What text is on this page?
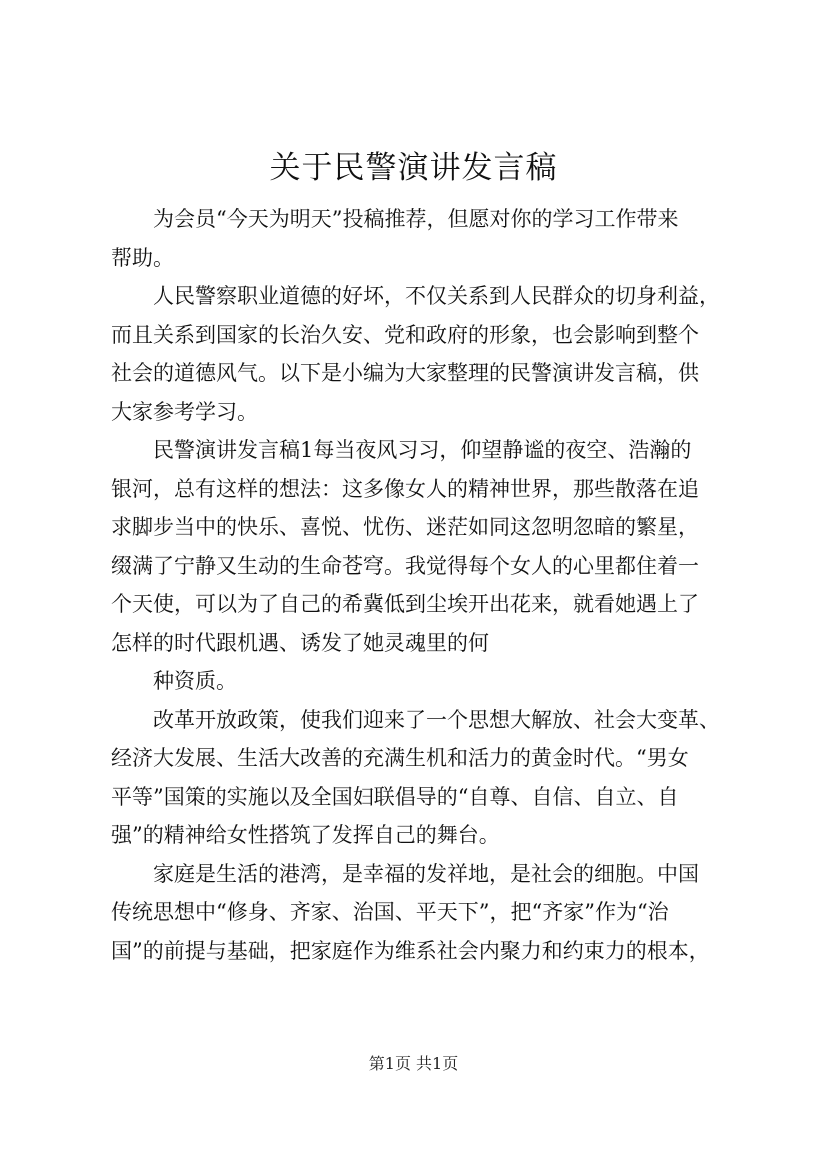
关于民警演讲发言稿
为会员“今天为明天”投稿推荐，但愿对你的学习工作带来
帮助。
人民警察职业道德的好坏，不仅关系到人民群众的切身利益，
而且关系到国家的长治久安、党和政府的形象，也会影响到整个
社会的道德风气。以下是小编为大家整理的民警演讲发言稿，供
大家参考学习。
民警演讲发言稿1每当夜风习习，仰望静谧的夜空、浩瀚的
银河，总有这样的想法：这多像女人的精神世界，那些散落在追
求脚步当中的快乐、喜悦、忧伤、迷茫如同这忽明忽暗的繁星，
缀满了宁静又生动的生命苍穹。我觉得每个女人的心里都住着一
个天使，可以为了自己的希冀低到尘埃开出花来，就看她遇上了
怎样的时代跟机遇、诱发了她灵魂里的何
种资质。
改革开放政策，使我们迎来了一个思想大解放、社会大变革、
经济大发展、生活大改善的充满生机和活力的黄金时代。“男女
平等”国策的实施以及全国妇联倡导的“自尊、自信、自立、自
强”的精神给女性搭筑了发挥自己的舞台。
家庭是生活的港湾，是幸福的发祥地，是社会的细胞。中国
传统思想中“修身、齐家、治国、平天下”，把“齐家”作为“治
国”的前提与基础，把家庭作为维系社会内聚力和约束力的根本，
第1页 共1页
